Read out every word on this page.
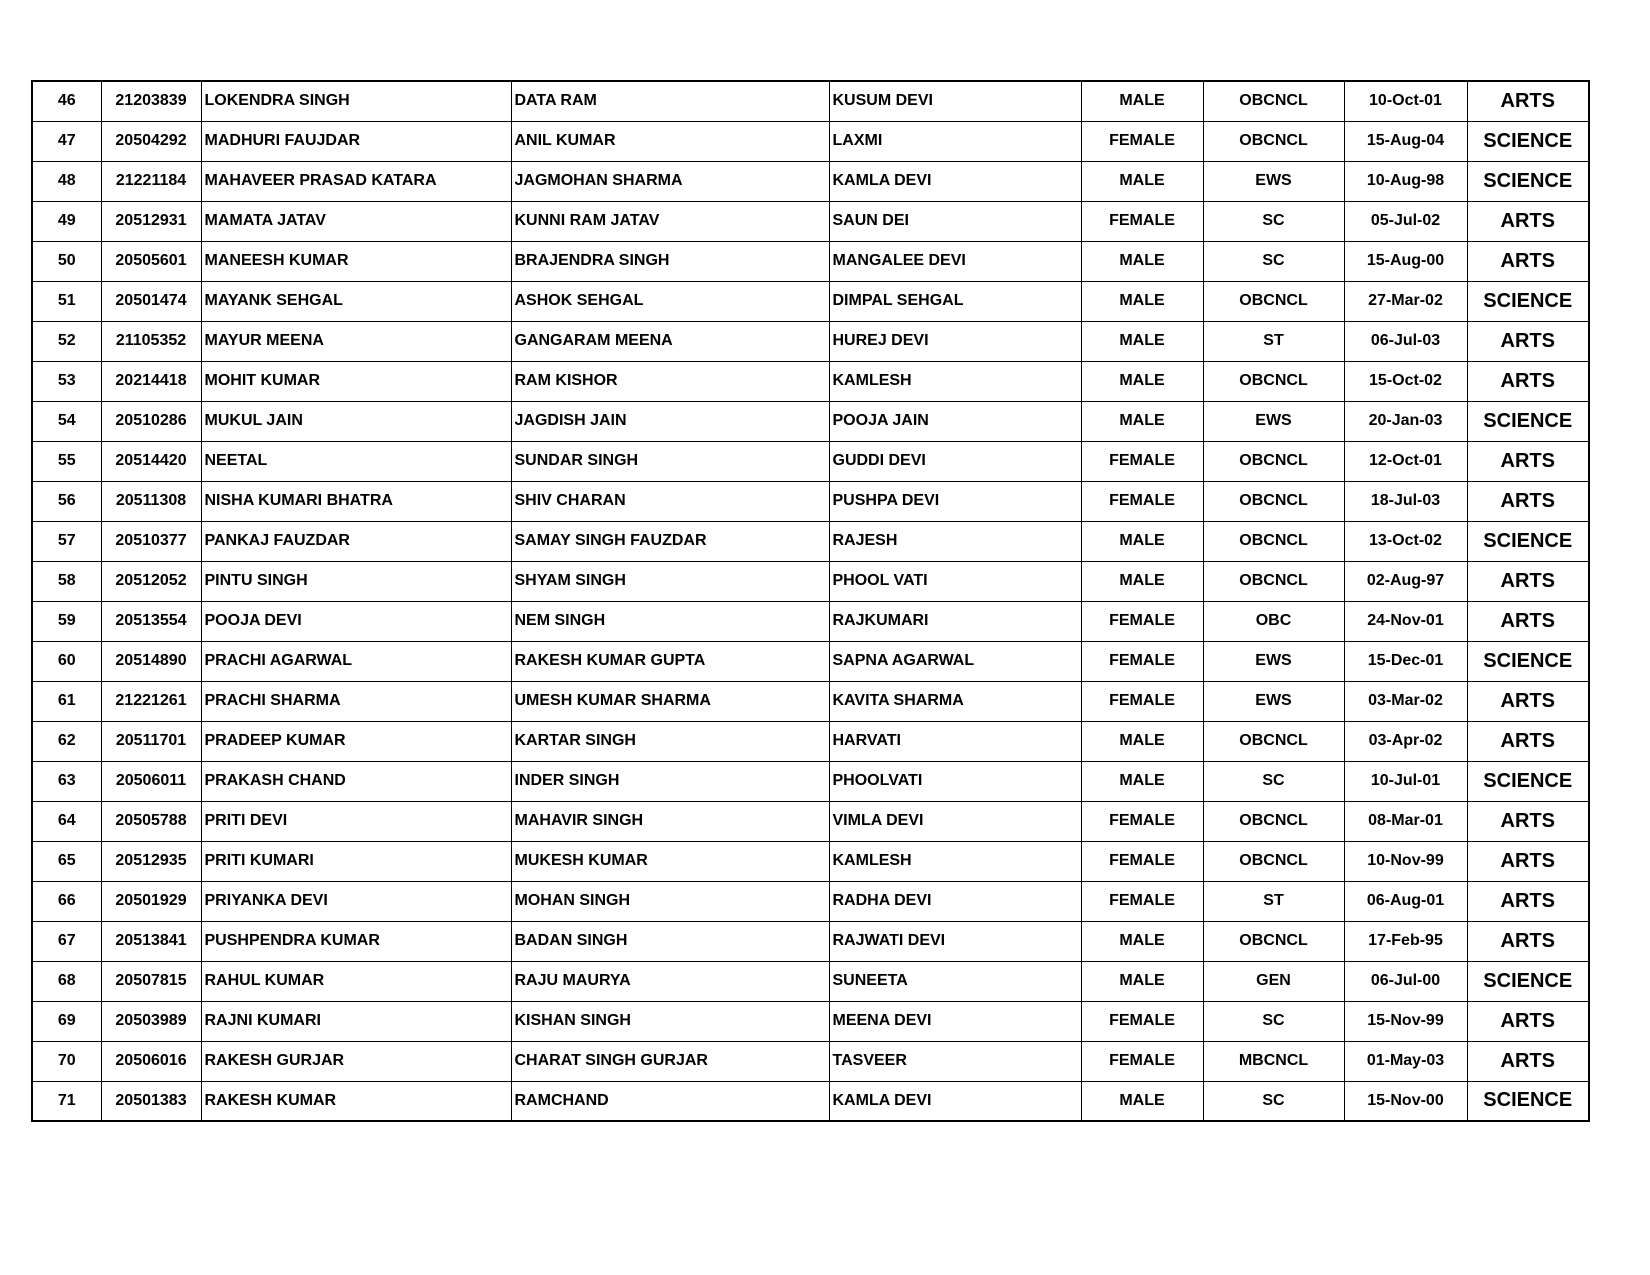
46	21203839	LOKENDRA SINGH	DATA RAM	KUSUM DEVI	MALE	OBCNCL	10-Oct-01	ARTS
47	20504292	MADHURI FAUJDAR	ANIL KUMAR	LAXMI	FEMALE	OBCNCL	15-Aug-04	SCIENCE
48	21221184	MAHAVEER PRASAD KATARA	JAGMOHAN SHARMA	KAMLA DEVI	MALE	EWS	10-Aug-98	SCIENCE
49	20512931	MAMATA JATAV	KUNNI RAM JATAV	SAUN DEI	FEMALE	SC	05-Jul-02	ARTS
50	20505601	MANEESH KUMAR	BRAJENDRA SINGH	MANGALEE DEVI	MALE	SC	15-Aug-00	ARTS
51	20501474	MAYANK SEHGAL	ASHOK SEHGAL	DIMPAL SEHGAL	MALE	OBCNCL	27-Mar-02	SCIENCE
52	21105352	MAYUR MEENA	GANGARAM MEENA	HUREJ DEVI	MALE	ST	06-Jul-03	ARTS
53	20214418	MOHIT KUMAR	RAM KISHOR	KAMLESH	MALE	OBCNCL	15-Oct-02	ARTS
54	20510286	MUKUL JAIN	JAGDISH JAIN	POOJA JAIN	MALE	EWS	20-Jan-03	SCIENCE
55	20514420	NEETAL	SUNDAR SINGH	GUDDI DEVI	FEMALE	OBCNCL	12-Oct-01	ARTS
56	20511308	NISHA KUMARI BHATRA	SHIV CHARAN	PUSHPA DEVI	FEMALE	OBCNCL	18-Jul-03	ARTS
57	20510377	PANKAJ FAUZDAR	SAMAY SINGH FAUZDAR	RAJESH	MALE	OBCNCL	13-Oct-02	SCIENCE
58	20512052	PINTU SINGH	SHYAM SINGH	PHOOL VATI	MALE	OBCNCL	02-Aug-97	ARTS
59	20513554	POOJA DEVI	NEM SINGH	RAJKUMARI	FEMALE	OBC	24-Nov-01	ARTS
60	20514890	PRACHI AGARWAL	RAKESH KUMAR GUPTA	SAPNA AGARWAL	FEMALE	EWS	15-Dec-01	SCIENCE
61	21221261	PRACHI SHARMA	UMESH KUMAR SHARMA	KAVITA SHARMA	FEMALE	EWS	03-Mar-02	ARTS
62	20511701	PRADEEP KUMAR	KARTAR SINGH	HARVATI	MALE	OBCNCL	03-Apr-02	ARTS
63	20506011	PRAKASH CHAND	INDER SINGH	PHOOLVATI	MALE	SC	10-Jul-01	SCIENCE
64	20505788	PRITI DEVI	MAHAVIR SINGH	VIMLA DEVI	FEMALE	OBCNCL	08-Mar-01	ARTS
65	20512935	PRITI KUMARI	MUKESH KUMAR	KAMLESH	FEMALE	OBCNCL	10-Nov-99	ARTS
66	20501929	PRIYANKA DEVI	MOHAN SINGH	RADHA DEVI	FEMALE	ST	06-Aug-01	ARTS
67	20513841	PUSHPENDRA KUMAR	BADAN SINGH	RAJWATI DEVI	MALE	OBCNCL	17-Feb-95	ARTS
68	20507815	RAHUL KUMAR	RAJU MAURYA	SUNEETA	MALE	GEN	06-Jul-00	SCIENCE
69	20503989	RAJNI KUMARI	KISHAN SINGH	MEENA DEVI	FEMALE	SC	15-Nov-99	ARTS
70	20506016	RAKESH GURJAR	CHARAT SINGH GURJAR	TASVEER	FEMALE	MBCNCL	01-May-03	ARTS
71	20501383	RAKESH KUMAR	RAMCHAND	KAMLA DEVI	MALE	SC	15-Nov-00	SCIENCE
